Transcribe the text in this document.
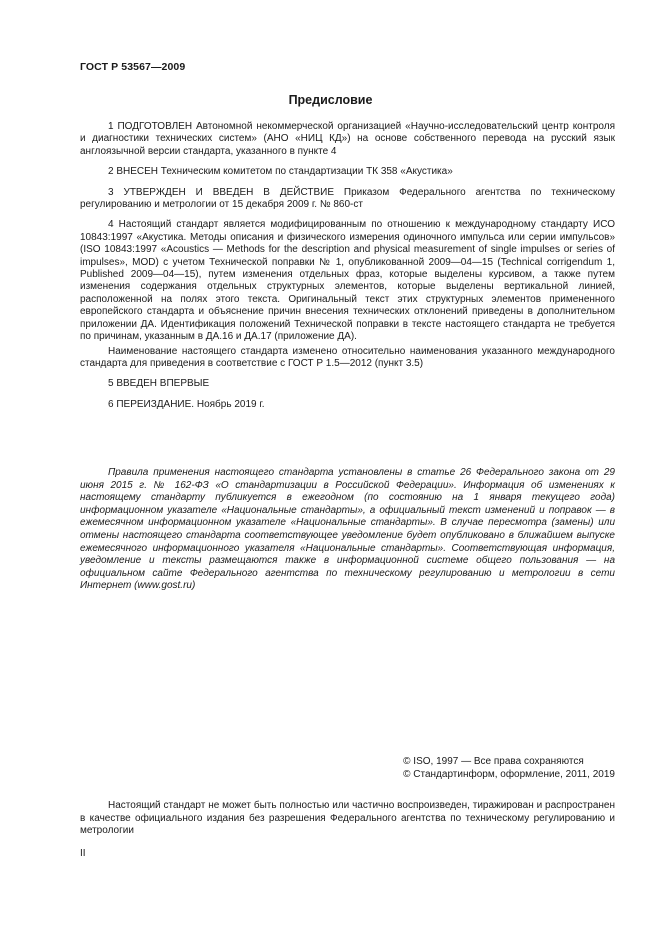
ГОСТ Р 53567—2009
Предисловие

1 ПОДГОТОВЛЕН Автономной некоммерческой организацией «Научно-исследовательский центр контроля и диагностики технических систем» (АНО «НИЦ КД») на основе собственного перевода на русский язык англоязычной версии стандарта, указанного в пункте 4

2 ВНЕСЕН Техническим комитетом по стандартизации ТК 358 «Акустика»

3 УТВЕРЖДЕН И ВВЕДЕН В ДЕЙСТВИЕ Приказом Федерального агентства по техническому регулированию и метрологии от 15 декабря 2009 г. № 860-ст

4 Настоящий стандарт является модифицированным по отношению к международному стандарту ИСО 10843:1997 «Акустика. Методы описания и физического измерения одиночного импульса или серии импульсов» (ISO 10843:1997 «Acoustics — Methods for the description and physical measurement of single impulses or series of impulses», MOD) с учетом Технической поправки № 1, опубликованной 2009—04—15 (Technical corrigendum 1, Published 2009—04—15), путем изменения отдельных фраз, которые выделены курсивом, а также путем изменения содержания отдельных структурных элементов, которые выделены вертикальной линией, расположенной на полях этого текста. Оригинальный текст этих структурных элементов примененного европейского стандарта и объяснение причин внесения технических отклонений приведены в дополнительном приложении ДА. Идентификация положений Технической поправки в тексте настоящего стандарта не требуется по причинам, указанным в ДА.16 и ДА.17 (приложение ДА).

Наименование настоящего стандарта изменено относительно наименования указанного международного стандарта для приведения в соответствие с ГОСТ Р 1.5—2012 (пункт 3.5)

5 ВВЕДЕН ВПЕРВЫЕ

6 ПЕРЕИЗДАНИЕ. Ноябрь 2019 г.

Правила применения настоящего стандарта установлены в статье 26 Федерального закона от 29 июня 2015 г. № 162-ФЗ «О стандартизации в Российской Федерации». Информация об изменениях к настоящему стандарту публикуется в ежегодном (по состоянию на 1 января текущего года) информационном указателе «Национальные стандарты», а официальный текст изменений и поправок — в ежемесячном информационном указателе «Национальные стандарты». В случае пересмотра (замены) или отмены настоящего стандарта соответствующее уведомление будет опубликовано в ближайшем выпуске ежемесячного информационного указателя «Национальные стандарты». Соответствующая информация, уведомление и тексты размещаются также в информационной системе общего пользования — на официальном сайте Федерального агентства по техническому регулированию и метрологии в сети Интернет (www.gost.ru)

© ISO, 1997 — Все права сохраняются
© Стандартинформ, оформление, 2011, 2019

Настоящий стандарт не может быть полностью или частично воспроизведен, тиражирован и распространен в качестве официального издания без разрешения Федерального агентства по техническому регулированию и метрологии

II
